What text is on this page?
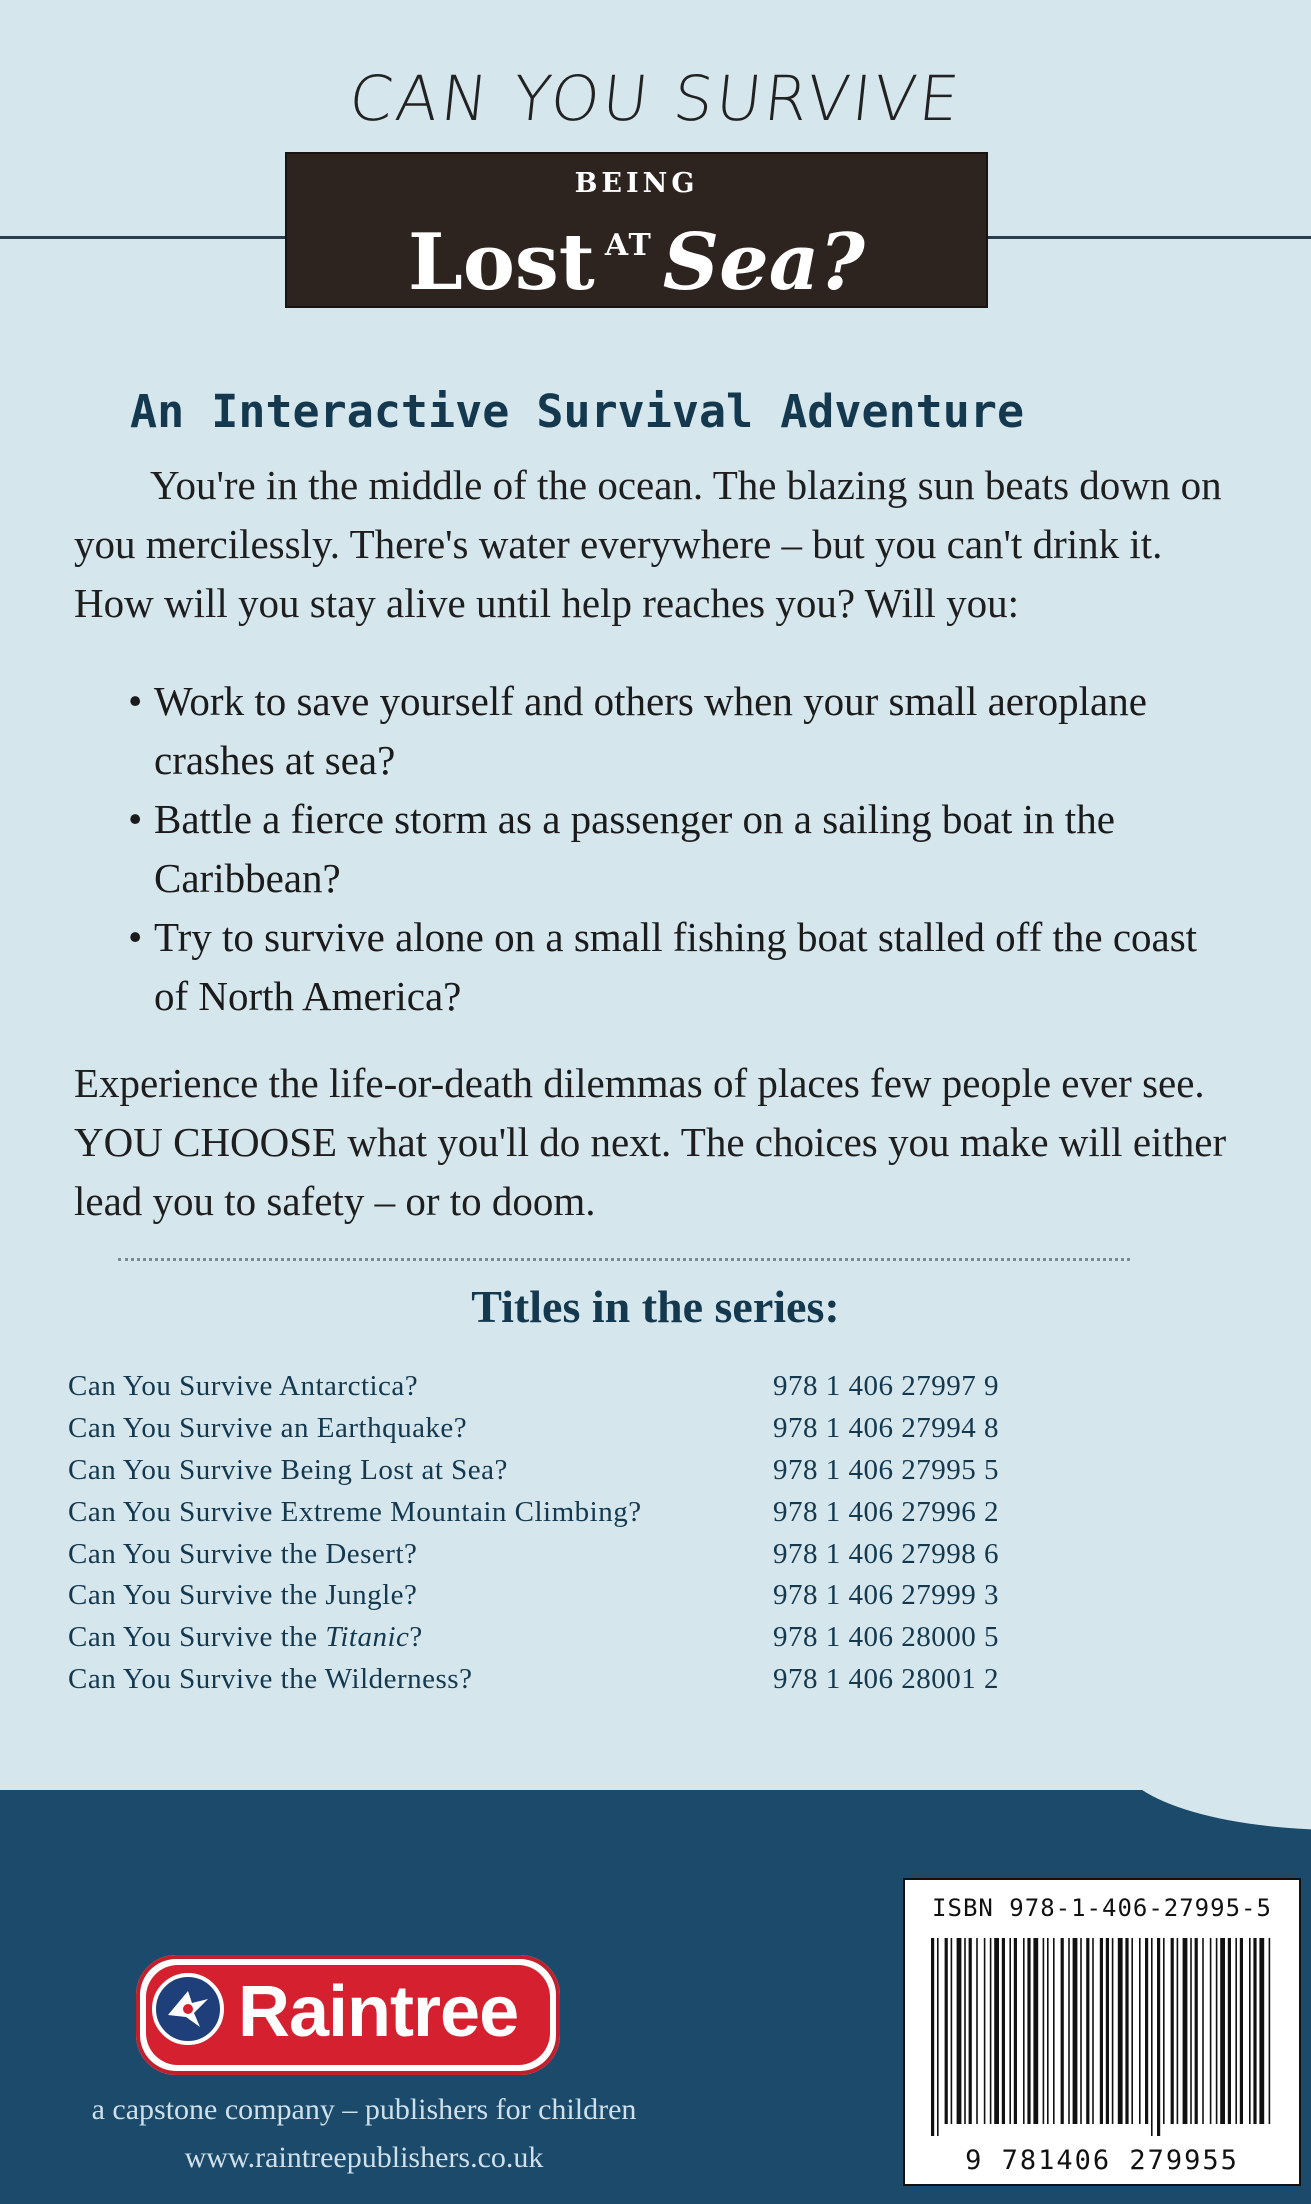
CAN YOU SURVIVE
BEING
Lost $^{AT}$ Sea?
An Interactive Survival Adventure
You're in the middle of the ocean. The blazing sun beats down on you mercilessly. There's water everywhere – but you can't drink it. How will you stay alive until help reaches you? Will you:
• Work to save yourself and others when your small aeroplane crashes at sea?
• Battle a fierce storm as a passenger on a sailing boat in the Caribbean?
• Try to survive alone on a small fishing boat stalled off the coast of North America?
Experience the life-or-death dilemmas of places few people ever see. YOU CHOOSE what you'll do next. The choices you make will either lead you to safety – or to doom.
Titles in the series:
Can You Survive Antarctica?	978 1 406 27997 9
Can You Survive an Earthquake?	978 1 406 27994 8
Can You Survive Being Lost at Sea?	978 1 406 27995 5
Can You Survive Extreme Mountain Climbing?	978 1 406 27996 2
Can You Survive the Desert?	978 1 406 27998 6
Can You Survive the Jungle?	978 1 406 27999 3
Can You Survive the Titanic?	978 1 406 28000 5
Can You Survive the Wilderness?	978 1 406 28001 2
Raintree
a capstone company – publishers for children
www.raintreepublishers.co.uk
ISBN 978-1-406-27995-5
9 781406 279955
